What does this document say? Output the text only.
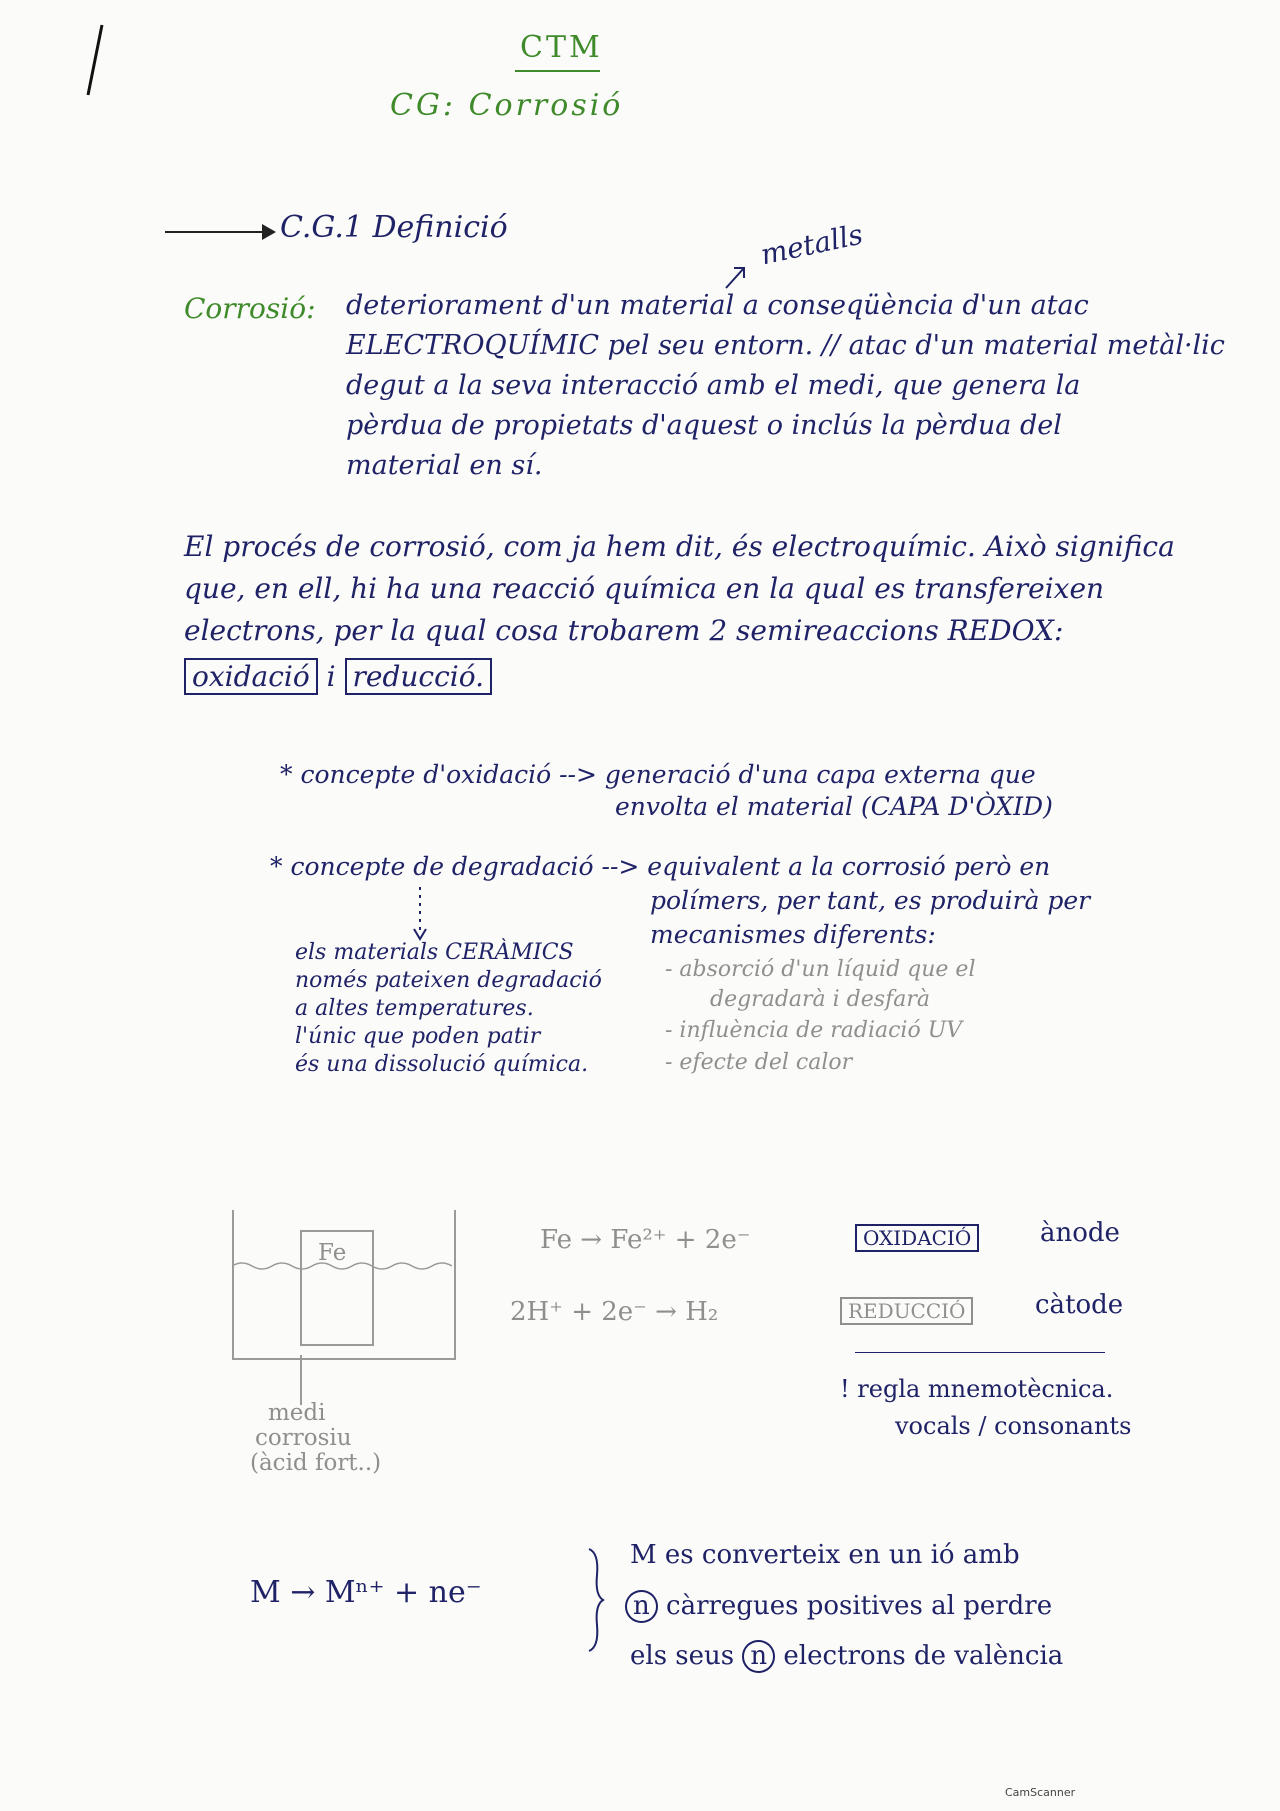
CTM
CG: Corrosió
C.G.1 Definició	metalls
Corrosió: deteriorament d'un material a conseqüència d'un atac
ELECTROQUÍMIC pel seu entorn. // atac d'un material metàl·lic
degut a la seva interacció amb el medi, que genera la
pèrdua de propietats d'aquest o inclús la pèrdua del
material en sí.
El procés de corrosió, com ja hem dit, és electroquímic. Això significa
que, en ell, hi ha una reacció química en la qual es transfereixen
electrons, per la qual cosa trobarem 2 semireaccions REDOX:
oxidació i reducció.
* concepte d'oxidació --> generació d'una capa externa que
envolta el material (CAPA D'ÒXID)
* concepte de degradació --> equivalent a la corrosió però en
polímers, per tant, es produirà per
mecanismes diferents:
- absorció d'un líquid que el
degradarà i desfarà
- influència de radiació UV
- efecte del calor
els materials CERÀMICS
només pateixen degradació
a altes temperatures.
l'únic que poden patir
és una dissolució química.
Fe
medi
corrosiu
(àcid fort..)
Fe → Fe²⁺ + 2e⁻	OXIDACIÓ	ànode
2H⁺ + 2e⁻ → H₂	REDUCCIÓ	càtode
! regla mnemotècnica.
vocals / consonants
M → Mⁿ⁺ + ne⁻
M es converteix en un ió amb
n càrregues positives al perdre
els seus n electrons de valència
CamScanner
